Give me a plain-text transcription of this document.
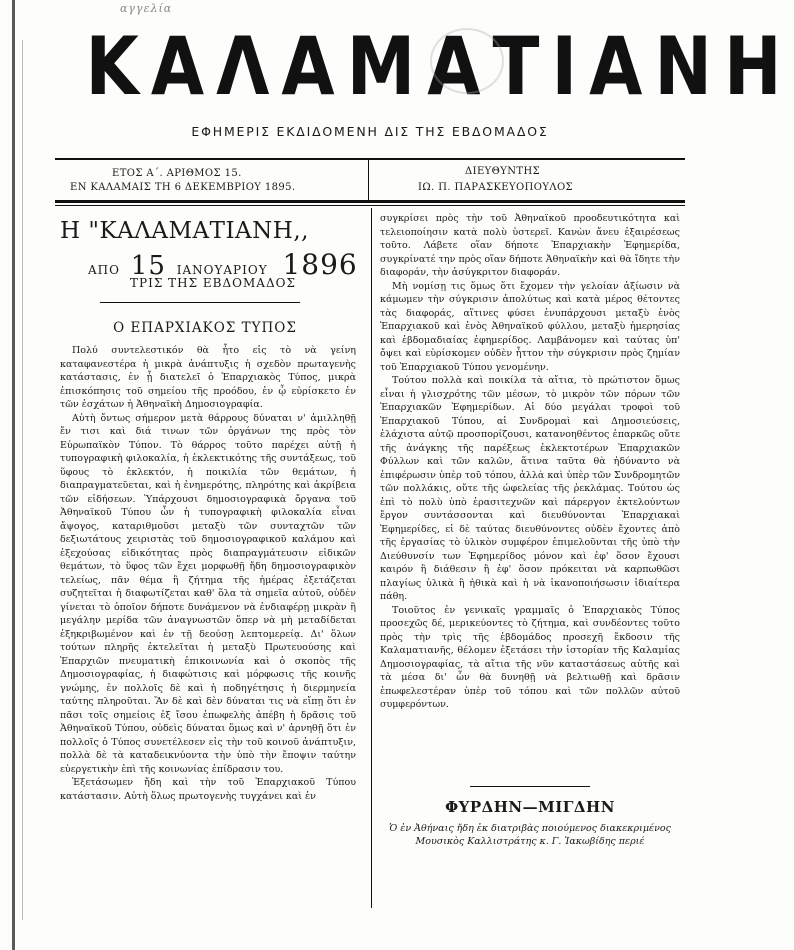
αγγελία
ΚΑΛΑΜΑΤΙΑΝΗ
ΕΦΗΜΕΡΙΣ ΕΚΔΙΔΟΜΕΝΗ ΔΙΣ ΤΗΣ ΕΒΔΟΜΑΔΟΣ
ΕΤΟΣ Α΄. ΑΡΙΘΜΟΣ 15.
ΕΝ ΚΑΛΑΜΑΙΣ ΤΗ 6 ΔΕΚΕΜΒΡΙΟΥ 1895.
ΔΙΕΥΘΥΝΤΗΣ
ΙΩ. Π. ΠΑΡΑΣΚΕΥΟΠΟΥΛΟΣ
Η "ΚΑΛΑΜΑΤΙΑΝΗ,,
ΑΠΟ 15 ΙΑΝΟΥΑΡΙΟΥ 1896
ΤΡΙΣ ΤΗΣ ΕΒΔΟΜΑΔΟΣ
Ο ΕΠΑΡΧΙΑΚΟΣ ΤΥΠΟΣ

Πολύ συντελεστικόν θὰ ἦτο εἰς τὸ νὰ γείνη καταφανεστέρα ἡ μικρὰ ἀνάπτυξις ἡ σχεδὸν πρωταγενὴς κατάστασις, ἐν ᾗ διατελεῖ ὁ Ἐπαρχιακὸς Τύπος, μικρὰ ἐπισκόπησις τοῦ σημείου τῆς προόδου, ἐν ᾧ εὑρίσκετο ἐν τῶν ἐσχάτων ἡ Ἀθηναϊκὴ Δημοσιογραφία.

Αὐτὴ ὄντως σήμερον μετὰ θάρρους δύναται ν' ἁμιλληθῇ ἔν τισι καὶ διά τινων τῶν ὀργάνων της πρὸς τὸν Εὐρωπαϊκὸν Τύπον. Τὸ θάρρος τοῦτο παρέχει αὐτῇ ἡ τυπογραφικὴ φιλοκαλία, ἡ ἐκλεκτικότης τῆς συντάξεως, τοῦ ὕφους τὸ ἐκλεκτόν, ἡ ποικιλία τῶν θεμάτων, ἡ διαπραγματεῦεται, καὶ ἡ ἐνημερότης, πληρότης καὶ ἀκρίβεια τῶν εἰδήσεων. Ὑπάρχουσι δημοσιογραφικὰ ὄργανα τοῦ Ἀθηναϊκοῦ Τύπου ὧν ἡ τυπογραφικὴ φιλοκαλία εἶναι ἄψογος, καταριθμοῦσι μεταξὺ τῶν συνταχτῶν τῶν δεξιωτάτους χειριστὰς τοῦ δημοσιογραφικοῦ καλάμου καὶ ἐξεχούσας εἰδικότητας πρὸς διαπραγμάτευσιν εἰδικῶν θεμάτων, τὸ ὕφος τῶν ἔχει μορφωθῇ ἤδη δημοσιογραφικὸν τελείως, πᾶν θέμα ἢ ζήτημα τῆς ἡμέρας ἐξετάζεται συζητεῖται ἡ διαφωτίζεται καθ' ὅλα τὰ σημεῖα αὐτοῦ, οὐδὲν γίνεται τὸ ὁποῖον δήποτε δυνάμενον νὰ ἐνδιαφέρῃ μικρὰν ἢ μεγάλην μερίδα τῶν ἀναγνωστῶν ὅπερ νὰ μὴ μεταδίδεται ἐξηκριβωμένον καὶ ἐν τῇ δεούσῃ λεπτομερείᾳ. Δι' ὅλων τούτων πληρῆς ἐκτελεῖται ἡ μεταξὺ Πρωτευούσης καὶ Ἐπαρχιῶν πνευματικὴ ἐπικοινωνία καὶ ὁ σκοπὸς τῆς Δημοσιογραφίας, ἡ διαφώτισις καὶ μόρφωσις τῆς κοινῆς γνώμης, ἐν πολλοῖς δὲ καὶ ἡ ποδηγέτησις ἡ διερμηνεία ταύτης πληροῦται. Ἂν δὲ καὶ δὲν δύναται τις νὰ εἴπῃ ὅτι ἐν πᾶσι τοῖς σημείοις ἐξ ἴσου ἐπωφελὴς ἀπέβη ἡ δρᾶσις τοῦ Ἀθηναϊκοῦ Τύπου, οὐδεὶς δύναται ὅμως καὶ ν' ἀρνηθῇ ὅτι ἐν πολλοῖς ὁ Τύπος συνετέλεσεν εἰς τὴν τοῦ κοινοῦ ἀνάπτυξιν, πολλὰ δὲ τὰ καταδεικνύοντα τὴν ὑπὸ τὴν ἔποψιν ταύτην εὐεργετικὴν ἐπὶ τῆς κοινωνίας ἐπίδρασιν του.

Ἐξετάσωμεν ἤδη καὶ τὴν τοῦ Ἐπαρχιακοῦ Τύπου κατάστασιν. Αὐτὴ ὅλως πρωτογενὴς τυγχάνει καὶ ἐν

συγκρίσει πρὸς τὴν τοῦ Ἀθηναϊκοῦ προοδευτικότητα καὶ τελειοποίησιν κατὰ πολὺ ὑστερεῖ. Κανὼν ἄνευ ἐξαιρέσεως τοῦτο. Λάβετε οἵαν δήποτε Ἐπαρχιακὴν Ἐφημερίδα, συγκρίνατέ την πρὸς οἵαν δήποτε Ἀθηναϊκὴν καὶ θὰ ἴδητε τὴν διαφοράν, τὴν ἀσύγκριτον διαφοράν.

Μὴ νομίσῃ τις ὅμως ὅτι ἔχομεν τὴν γελοίαν ἀξίωσιν νὰ κάμωμεν τὴν σύγκρισιν ἀπολύτως καὶ κατὰ μέρος θέτοντες τὰς διαφοράς, αἵτινες φύσει ἐνυπάρχουσι μεταξὺ ἑνὸς Ἐπαρχιακοῦ καὶ ἑνὸς Ἀθηναϊκοῦ φύλλου, μεταξὺ ἡμερησίας καὶ ἑβδομαδιαίας ἐφημερίδος. Λαμβάνομεν καὶ ταύτας ὑπ' ὄψει καὶ εὑρίσκομεν οὐδὲν ἧττον τὴν σύγκρισιν πρὸς ζημίαν τοῦ Ἐπαρχιακοῦ Τύπου γενομένην.

Τούτου πολλὰ καὶ ποικίλα τὰ αἴτια, τὸ πρώτιστον ὅμως εἶναι ἡ γλισχρότης τῶν μέσων, τὸ μικρὸν τῶν πόρων τῶν Ἐπαρχιακῶν Ἐφημερίδων. Αἱ δύο μεγάλαι τροφοὶ τοῦ Ἐπαρχιακοῦ Τύπου, αἱ Συνδρομαὶ καὶ Δημοσιεύσεις, ἐλάχιστα αὐτῷ προσπορίζουσι, κατανοηθέντος ἐπαρκῶς οὔτε τῆς ἀνάγκης τῆς παρέξεως ἐκλεκτοτέρων Ἐπαρχιακῶν Φύλλων καὶ τῶν καλῶν, ἅτινα ταῦτα θὰ ἠδύναντο νὰ ἐπιφέρωσιν ὑπὲρ τοῦ τόπου, ἀλλὰ καὶ ὑπὲρ τῶν Συνδρομητῶν τῶν πολλάκις, οὔτε τῆς ὠφελείας τῆς ῥεκλάμας. Τούτου ὡς ἐπὶ τὸ πολὺ ὑπὸ ἐρασιτεχνῶν καὶ πάρεργον ἐκτελούντων ἔργον συντάσσονται καὶ διευθύνονται Ἐπαρχιακαὶ Ἐφημερίδες, εἰ δὲ ταύτας διευθύνοντες οὐδὲν ἔχοντες ἀπὸ τῆς ἐργασίας τὸ ὑλικὸν συμφέρον ἐπιμελοῦνται τῆς ὑπὸ τὴν Διεύθυνσίν των Ἐφημερίδος μόνον καὶ ἐφ' ὅσον ἔχουσι καιρόν ἢ διάθεσιν ἢ ἐφ' ὅσον πρόκειται νὰ καρπωθῶσι πλαγίως ὑλικὰ ἢ ἠθικὰ καὶ ἡ νὰ ἱκανοποιήσωσιν ἰδιαίτερα πάθη.

Τοιοῦτος ἐν γενικαῖς γραμμαῖς ὁ Ἐπαρχιακὸς Τύπος προσεχῶς δέ, μερικεύοντες τὸ ζήτημα, καὶ συνδέοντες τοῦτο πρὸς τὴν τρὶς τῆς ἑβδομάδος προσεχῆ ἔκδοσιν τῆς Καλαματιανῆς, θέλομεν ἐξετάσει τὴν ἱστορίαν τῆς Καλαμίας Δημοσιογραφίας, τὰ αἴτια τῆς νῦν καταστάσεως αὐτῆς καὶ τὰ μέσα δι' ὧν θὰ δυνηθῇ νὰ βελτιωθῇ καὶ δρᾶσιν ἐπωφελεστέραν ὑπὲρ τοῦ τόπου καὶ τῶν πολλῶν αὐτοῦ συμφερόντων.

ΦΥΡΔΗΝ—ΜΙΓΔΗΝ
Ὁ ἐν Ἀθήναις ἤδη ἐκ διατριβὰς ποιούμενος διακεκριμένος Μουσικὸς Καλλιστράτης κ. Γ. Ἰακωβίδης περιέ
